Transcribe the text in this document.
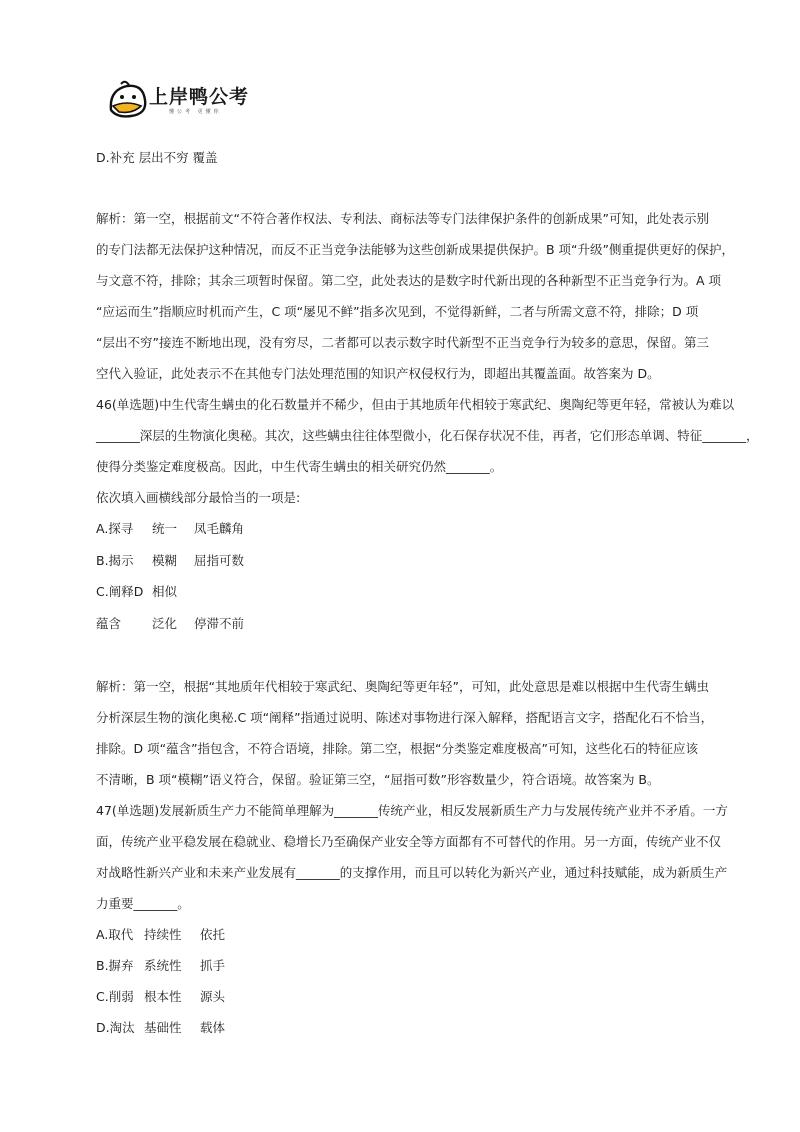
上岸鸭公考
懂公考 更懂你
D.补充 层出不穷 覆盖
解析：第一空，根据前文“不符合著作权法、专利法、商标法等专门法律保护条件的创新成果”可知，此处表示别
的专门法都无法保护这种情况，而反不正当竞争法能够为这些创新成果提供保护。B 项“升级”侧重提供更好的保护，
与文意不符，排除；其余三项暂时保留。第二空，此处表达的是数字时代新出现的各种新型不正当竞争行为。A 项
“应运而生”指顺应时机而产生，C 项“屡见不鲜”指多次见到，不觉得新鲜，二者与所需文意不符，排除；D 项
“层出不穷”接连不断地出现，没有穷尽，二者都可以表示数字时代新型不正当竞争行为较多的意思，保留。第三
空代入验证，此处表示不在其他专门法处理范围的知识产权侵权行为，即超出其覆盖面。故答案为 D。
46(单选题)中生代寄生螨虫的化石数量并不稀少，但由于其地质年代相较于寒武纪、奥陶纪等更年轻，常被认为难以
_______深层的生物演化奥秘。其次，这些螨虫往往体型微小，化石保存状况不佳，再者，它们形态单调、特征_______，
使得分类鉴定难度极高。因此，中生代寄生螨虫的相关研究仍然_______。
依次填入画横线部分最恰当的一项是:
A.探寻 统一 凤毛麟角
B.揭示 模糊 屈指可数
C.阐释D 相似
蕴含 泛化 停滞不前
解析：第一空，根据“其地质年代相较于寒武纪、奥陶纪等更年轻”，可知，此处意思是难以根据中生代寄生螨虫
分析深层生物的演化奥秘.C 项“阐释”指通过说明、陈述对事物进行深入解释，搭配语言文字，搭配化石不恰当，
排除。D 项“蕴含”指包含，不符合语境，排除。第二空，根据“分类鉴定难度极高”可知，这些化石的特征应该
不清晰，B 项“模糊”语义符合，保留。验证第三空，“屈指可数”形容数量少，符合语境。故答案为 B。
47(单选题)发展新质生产力不能简单理解为_______传统产业，相反发展新质生产力与发展传统产业并不矛盾。一方
面，传统产业平稳发展在稳就业、稳增长乃至确保产业安全等方面都有不可替代的作用。另一方面，传统产业不仅
对战略性新兴产业和未来产业发展有_______的支撑作用，而且可以转化为新兴产业，通过科技赋能，成为新质生产
力重要_______。
A.取代 持续性 依托
B.摒弃 系统性 抓手
C.削弱 根本性 源头
D.淘汰 基础性 载体
